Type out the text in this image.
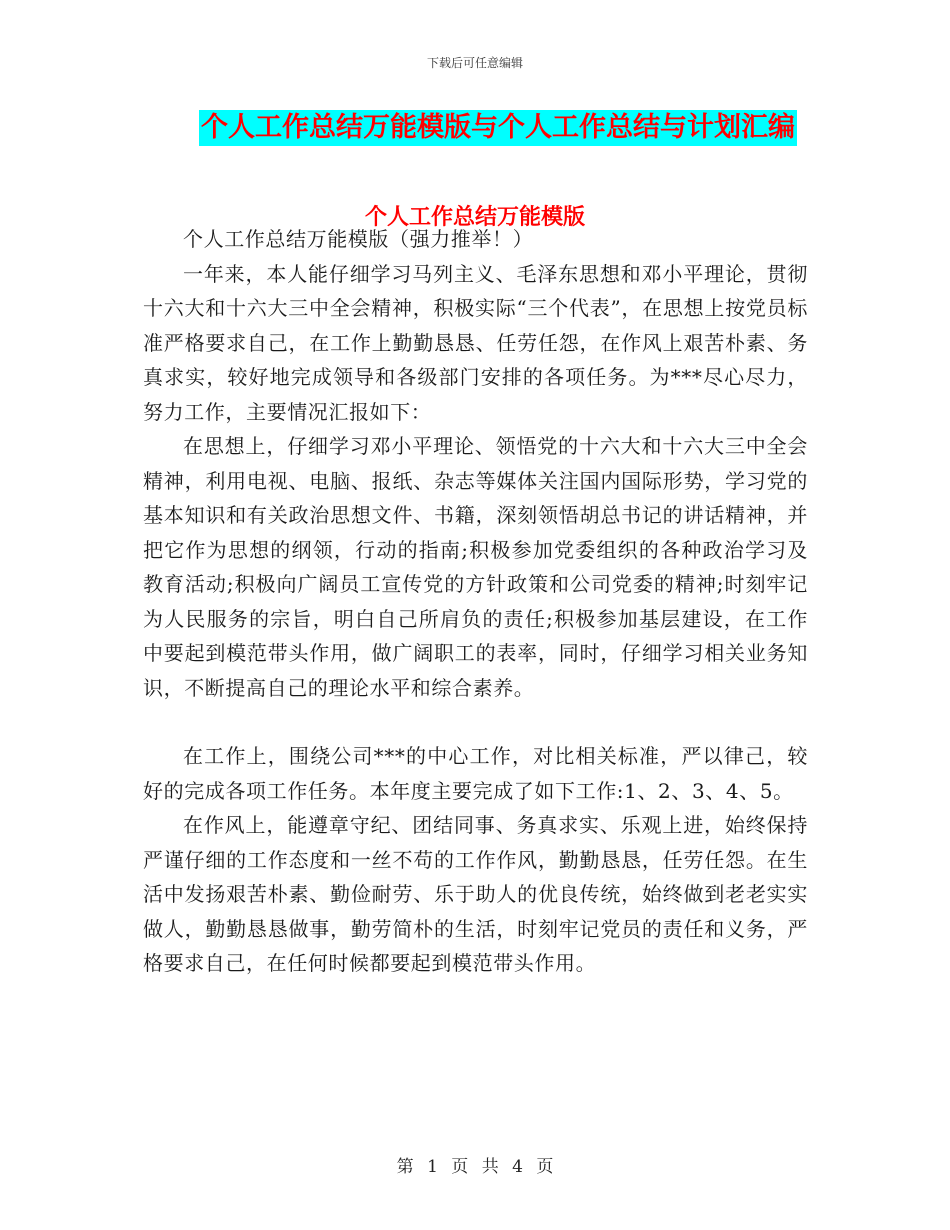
下载后可任意编辑
个人工作总结万能模版与个人工作总结与计划汇编
个人工作总结万能模版

个人工作总结万能模版（强力推举！）

一年来，本人能仔细学习马列主义、毛泽东思想和邓小平理论，贯彻十六大和十六大三中全会精神，积极实际“三个代表”，在思想上按党员标准严格要求自己，在工作上勤勤恳恳、任劳任怨，在作风上艰苦朴素、务真求实，较好地完成领导和各级部门安排的各项任务。为***尽心尽力，努力工作，主要情况汇报如下：

在思想上，仔细学习邓小平理论、领悟党的十六大和十六大三中全会精神，利用电视、电脑、报纸、杂志等媒体关注国内国际形势，学习党的基本知识和有关政治思想文件、书籍，深刻领悟胡总书记的讲话精神，并把它作为思想的纲领，行动的指南;积极参加党委组织的各种政治学习及教育活动;积极向广阔员工宣传党的方针政策和公司党委的精神;时刻牢记为人民服务的宗旨，明白自己所肩负的责任;积极参加基层建设，在工作中要起到模范带头作用，做广阔职工的表率，同时，仔细学习相关业务知识，不断提高自己的理论水平和综合素养。

在工作上，围绕公司***的中心工作，对比相关标准，严以律己，较好的完成各项工作任务。本年度主要完成了如下工作:1、2、3、4、5。

在作风上，能遵章守纪、团结同事、务真求实、乐观上进，始终保持严谨仔细的工作态度和一丝不苟的工作作风，勤勤恳恳，任劳任怨。在生活中发扬艰苦朴素、勤俭耐劳、乐于助人的优良传统，始终做到老老实实做人，勤勤恳恳做事，勤劳简朴的生活，时刻牢记党员的责任和义务，严格要求自己，在任何时候都要起到模范带头作用。

第 1 页 共 4 页
